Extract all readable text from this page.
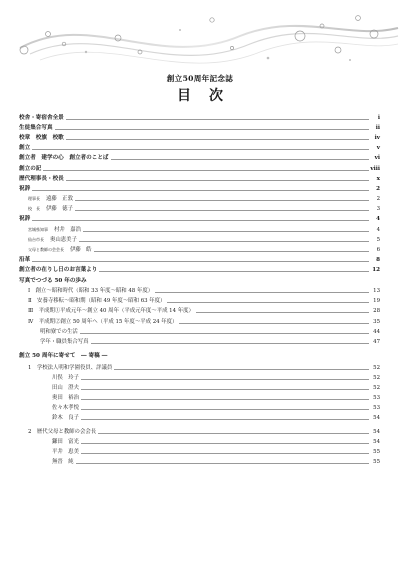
創立50周年記念誌
目次
校舎・寄宿舎全景	i
生徒集合写真	ii
校章　校旗　校歌	iv
創立	v
創立者　建学の心　創立者のことば	vi
創立の記	viii
歴代理事長・校長	x
祝辞	2
理事長 遠藤　正敦	2
校　長 伊藤　徳子	3
祝辞	4
宮城県知事 村井　嘉浩	4
仙台市長 奥山恵美子	5
父母と教師の会会長 伊藤　皓	6
沿革	8
創立者の在りし日のお言葉より	12
写真でつづる 50 年の歩み
Ⅰ　創立～昭和時代（昭和 33 年度～昭和 48 年度）	13
Ⅱ　安養寺移転～昭和期（昭和 49 年度～昭和 63 年度）	19
Ⅲ　平成期①平成元年～創立 40 周年（平成元年度～平成 14 年度）	28
Ⅳ　平成期②創立 50 周年へ（平成 15 年度～平成 24 年度）	35
明和寮での生活	44
学年・職員集合写真	47
創立 50 周年に寄せて　― 寄稿 ―
1　学校法人明和学園役員、評議員	52
川俣　玲子	52
田山　澄夫	52
奥田　裕治	53
佐々木孝悦	53
鈴木　良子	54
2　歴代父母と教師の会会長	54
鎌田　富光	54
平井　恵美	55
無晋　純	55
